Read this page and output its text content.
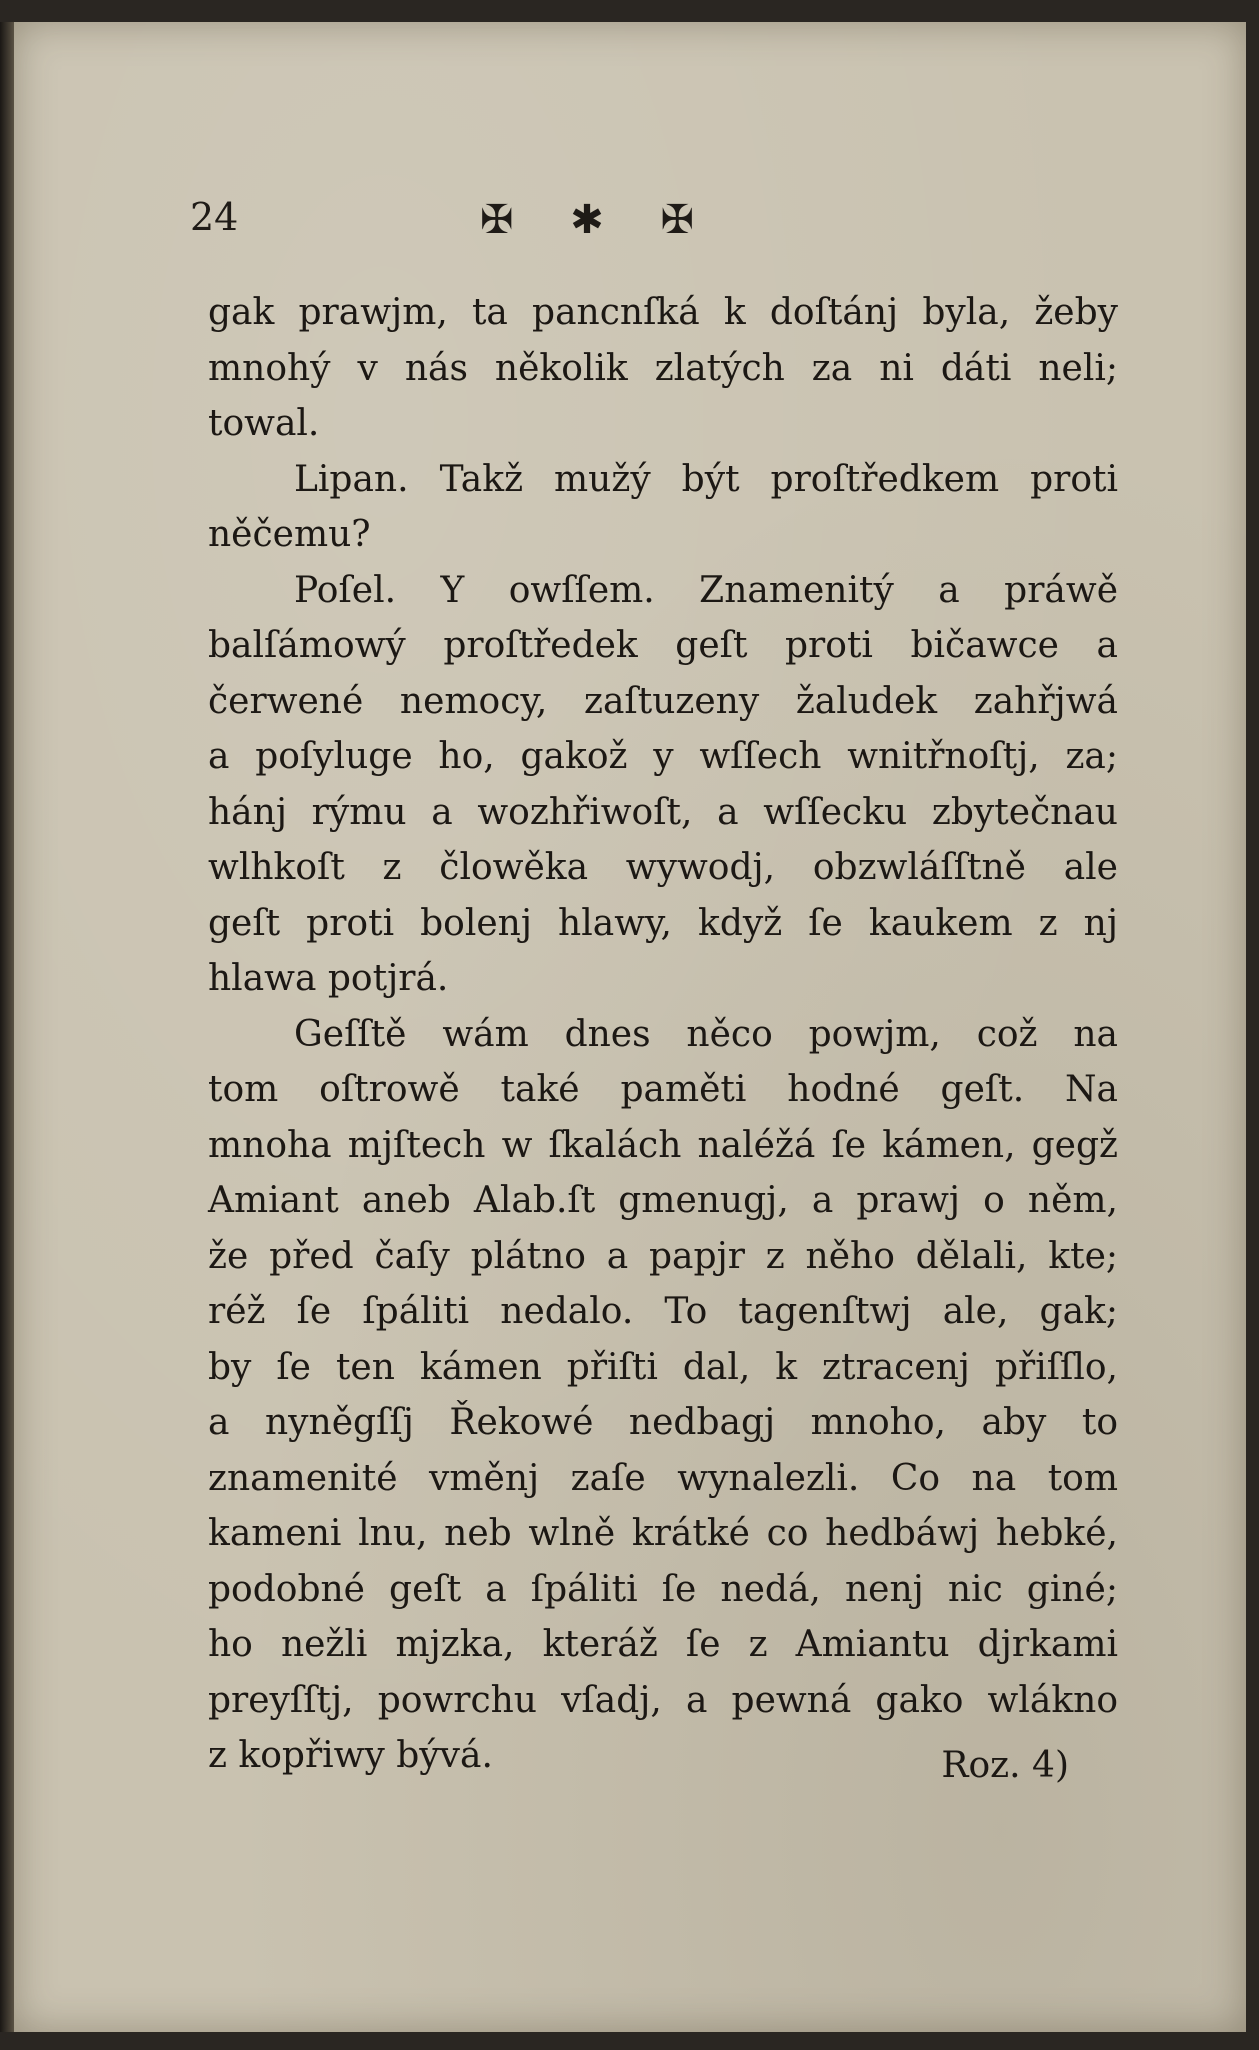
24	✠ ✱ ✠
gak prawjm, ta pancnſká k doſtánj byla, žeby
mnohý v nás několik zlatých za ni dáti neli;
towal.
Lipan. Takž mužý být proſtředkem proti
něčemu?
Poſel. Y owſſem. Znamenitý a práwě
balſámowý proſtředek geſt proti bičawce a
čerwené nemocy, zaſtuzeny žaludek zahřjwá
a poſyluge ho, gakož y wſſech wnitřnoſtj, za;
hánj rýmu a wozhřiwoſt, a wſſecku zbytečnau
wlhkoſt z člowěka wywodj, obzwláſſtně ale
geſt proti bolenj hlawy, když ſe kaukem z nj
hlawa potjrá.
Geſſtě wám dnes něco powjm, což na
tom oſtrowě také paměti hodné geſt. Na
mnoha mjſtech w ſkalách naléžá ſe kámen, gegž
Amiant aneb Alab.ſt gmenugj, a prawj o něm,
že před čaſy plátno a papjr z něho dělali, kte;
réž ſe ſpáliti nedalo. To tagenſtwj ale, gak;
by ſe ten kámen přiſti dal, k ztracenj přiſſlo,
a nyněgſſj Řekowé nedbagj mnoho, aby to
znamenité vměnj zaſe wynalezli. Co na tom
kameni lnu, neb wlně krátké co hedbáwj hebké,
podobné geſt a ſpáliti ſe nedá, nenj nic giné;
ho nežli mjzka, kteráž ſe z Amiantu djrkami
preyſſtj, powrchu vſadj, a pewná gako wlákno
z kopřiwy bývá.	Roz. 4)
